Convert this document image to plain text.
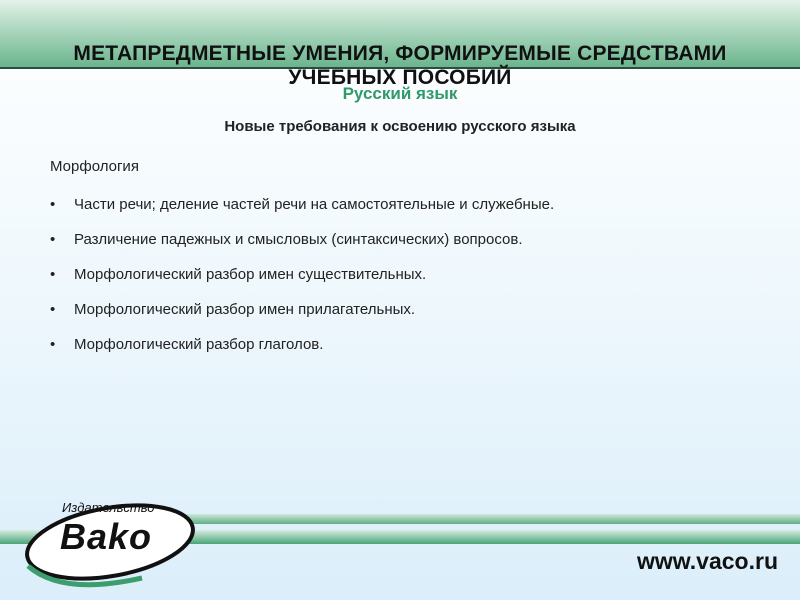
МЕТАПРЕДМЕТНЫЕ УМЕНИЯ, ФОРМИРУЕМЫЕ СРЕДСТВАМИ УЧЕБНЫХ ПОСОБИЙ
Русский язык
Новые требования к освоению русского языка
Морфология
• Части речи; деление частей речи на самостоятельные и служебные.
• Различение падежных и смысловых (синтаксических) вопросов.
• Морфологический разбор имен существительных.
• Морфологический разбор имен прилагательных.
• Морфологический разбор глаголов.
Издательство
Bako
www.vaco.ru
